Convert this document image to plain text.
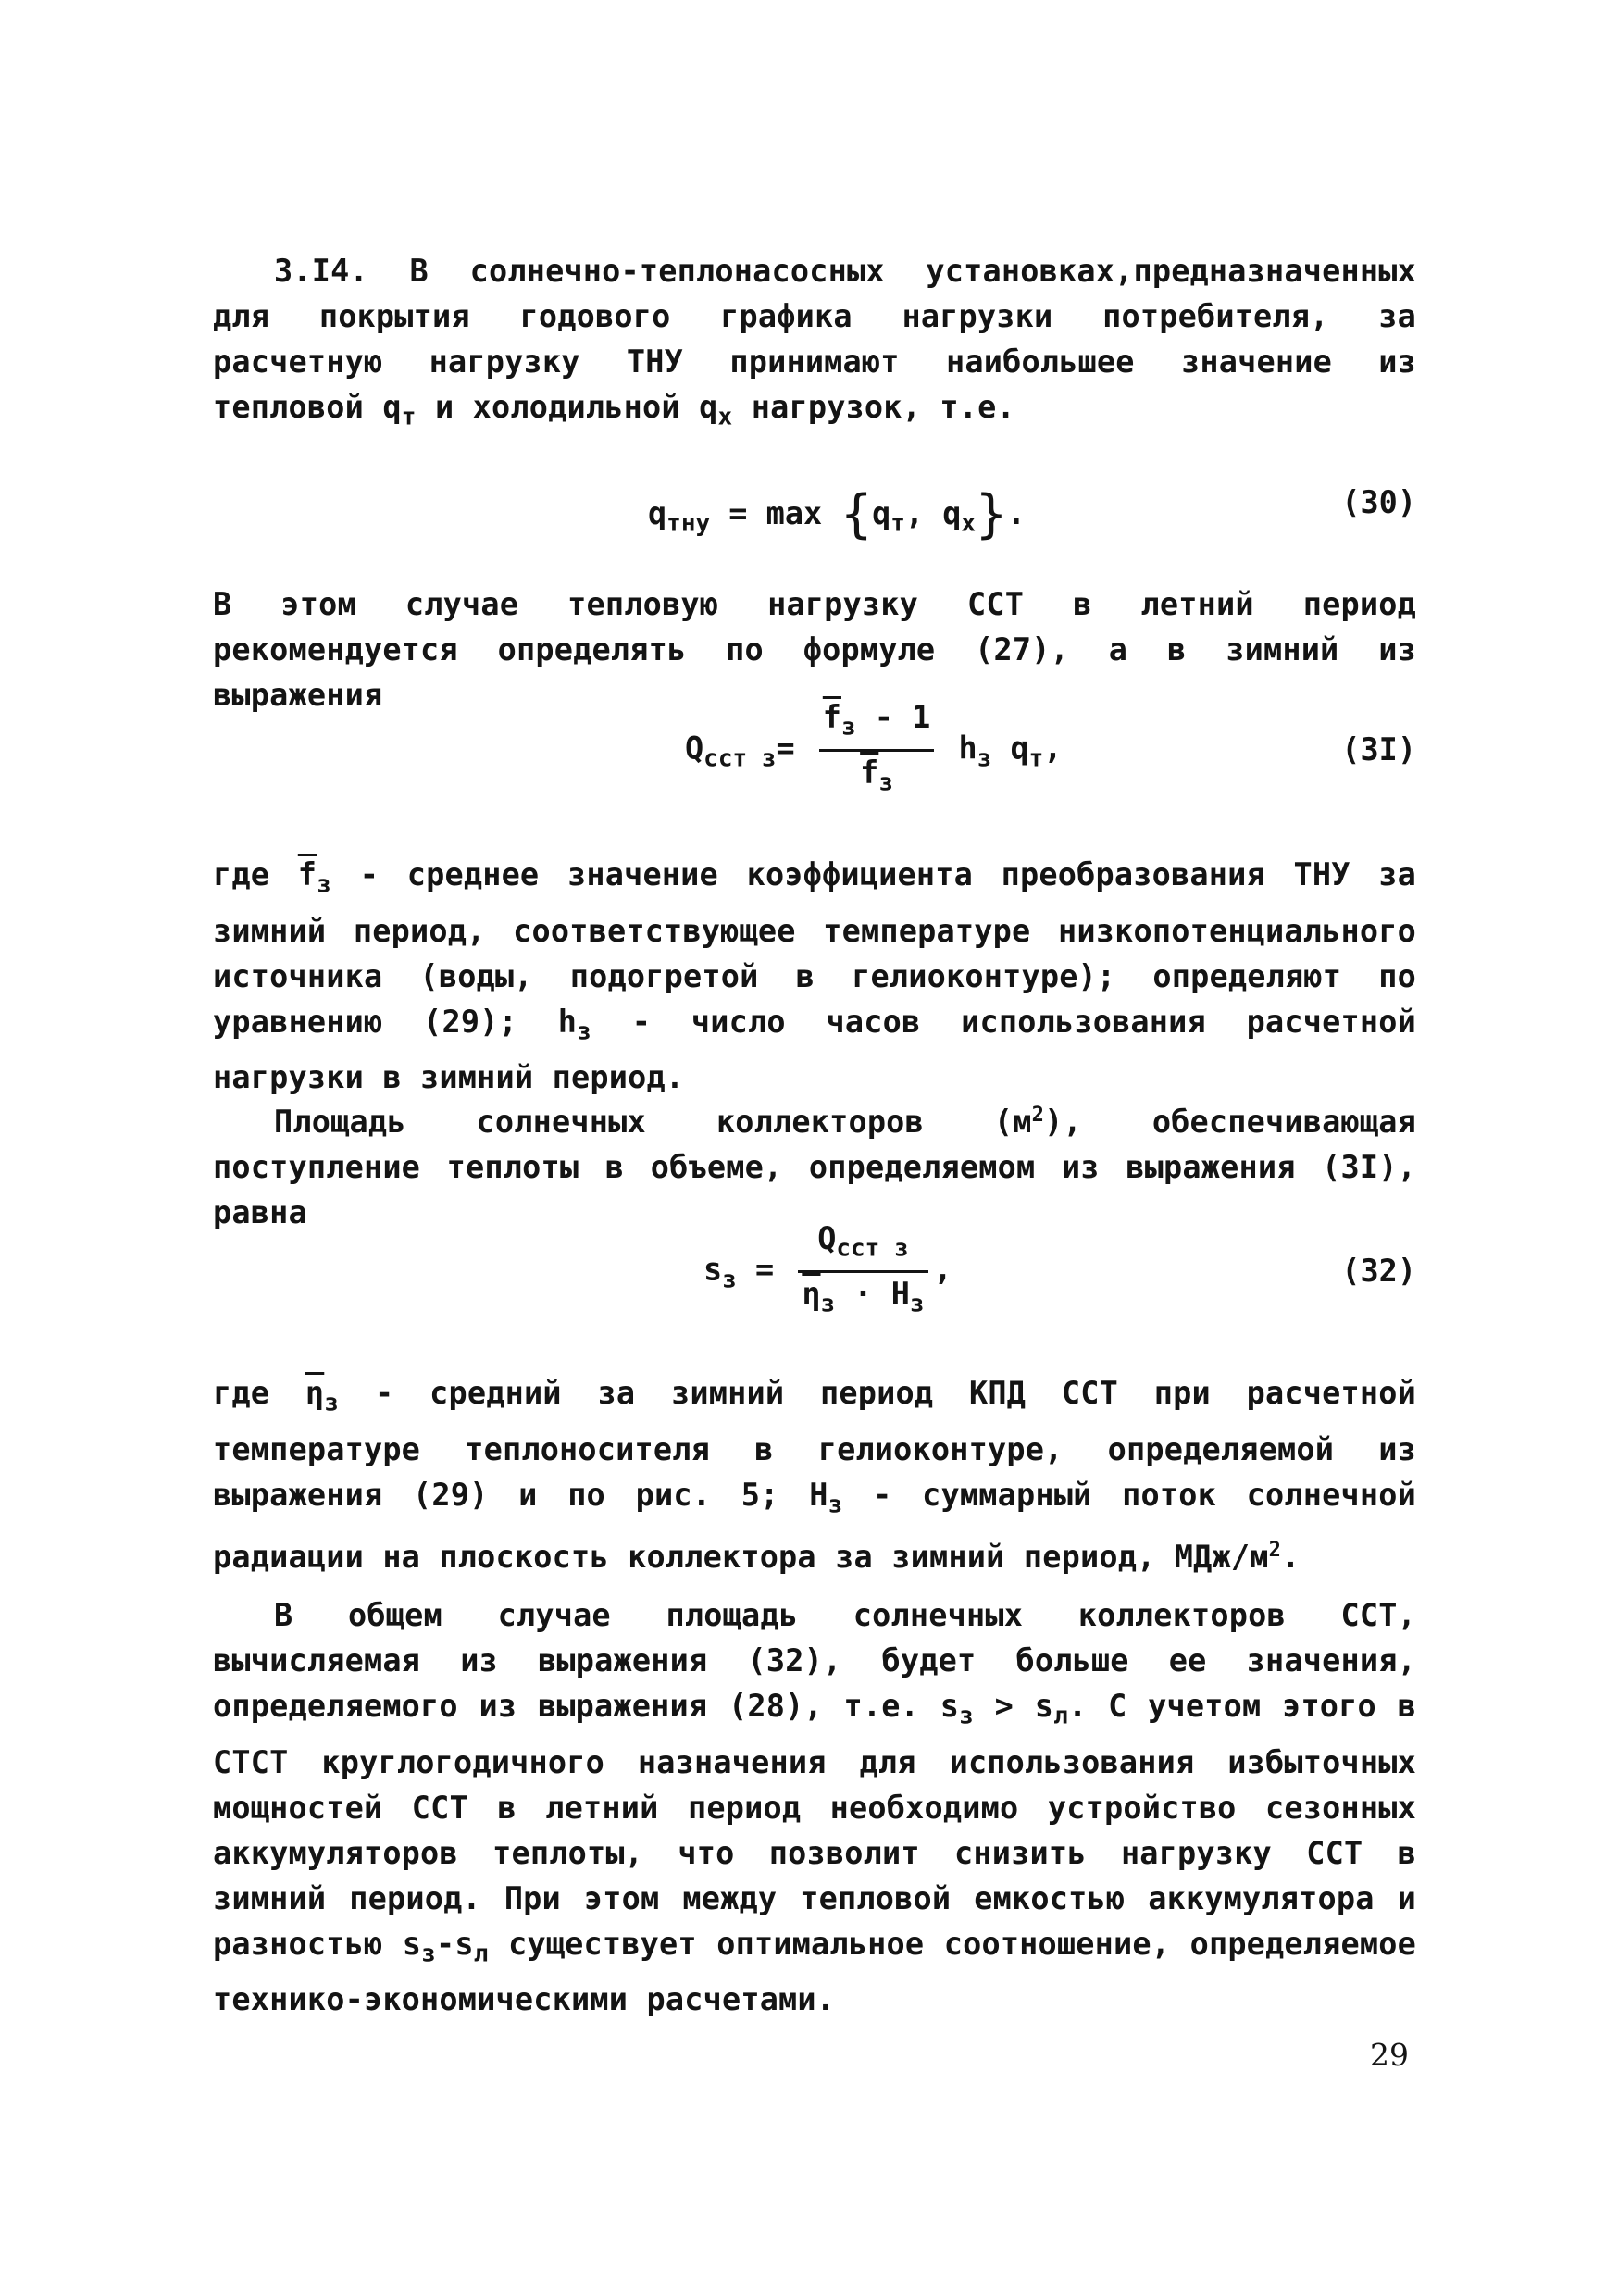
3.I4. В солнечно-теплонасосных установках,предназначенных для покрытия годового графика нагрузки потребителя, за расчетную нагрузку ТНУ принимают наибольшее значение из тепловой $q_т$ и холодильной $q_x$ нагрузок, т.е.

$q_{тну} = \max \{q_т$, $q_x$}.	(30)

В этом случае тепловую нагрузку ССТ в летний период рекомендуется определять по формуле (27), а в зимний из выражения

$Q_{сст з}= \frac{\overline{f}_з - 1}{\overline{f}_з} h_з$ $q_т$,	(3I)

где $\overline{f}_з$ - среднее значение коэффициента преобразования ТНУ за зимний период, соответствующее температуре низкопотенциального источника (воды, подогретой в гелиоконтуре); определяют по уравнению (29); $h_з$ - число часов использования расчетной нагрузки в зимний период.

Площадь солнечных коллекторов $(м^2)$, обеспечивающая поступление теплоты в объеме, определяемом из выражения (3I), равна

$s_з = \frac{Q_{сст з}}{\overline{\eta}_з \cdot H_з}$ ,	(32)

где $\overline{\eta}_з$ - средний за зимний период КПД ССТ при расчетной температуре теплоносителя в гелиоконтуре, определяемой из выражения (29) и по рис. 5; $H_з$ - суммарный поток солнечной радиации на плоскость коллектора за зимний период, МДж/$м^2$.

В общем случае площадь солнечных коллекторов ССТ, вычисляемая из выражения (32), будет больше ее значения, определяемого из выражения (28), т.е. $s_з > s_л$. С учетом этого в СТСТ круглогодичного назначения для использования избыточных мощностей ССТ в летний период необходимо устройство сезонных аккумуляторов теплоты, что позволит снизить нагрузку ССТ в зимний период. При этом между тепловой емкостью аккумулятора и разностью $s_з-s_л$ существует оптимальное соотношение, определяемое технико-экономическими расчетами.

29
